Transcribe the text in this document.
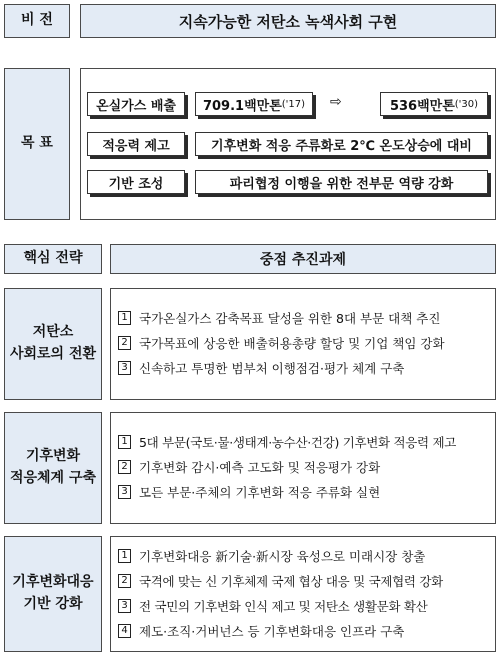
비 전	지속가능한 저탄소 녹색사회 구현
목 표
온실가스 배출 709.1백만톤 ('17) ⇨	536백만톤 ('30)
적응력 제고	기후변화 적응 주류화로 2℃ 온도상승에 대비
기반 조성	파리협정 이행을 위한 전부문 역량 강화
핵심 전략	중점 추진과제
저탄소
사회로의 전환
1 국가온실가스 감축목표 달성을 위한 8대 부문 대책 추진
2 국가목표에 상응한 배출허용총량 할당 및 기업 책임 강화
3 신속하고 투명한 범부처 이행점검·평가 체계 구축
기후변화
적응체계 구축
1 5대 부문(국토·물·생태계·농수산·건강) 기후변화 적응력 제고
2 기후변화 감시·예측 고도화 및 적응평가 강화
3 모든 부문·주체의 기후변화 적응 주류화 실현
기후변화대응
기반 강화
1 기후변화대응 新기술·新시장 육성으로 미래시장 창출
2 국격에 맞는 신 기후체제 국제 협상 대응 및 국제협력 강화
3 전 국민의 기후변화 인식 제고 및 저탄소 생활문화 확산
4 제도·조직·거버넌스 등 기후변화대응 인프라 구축
